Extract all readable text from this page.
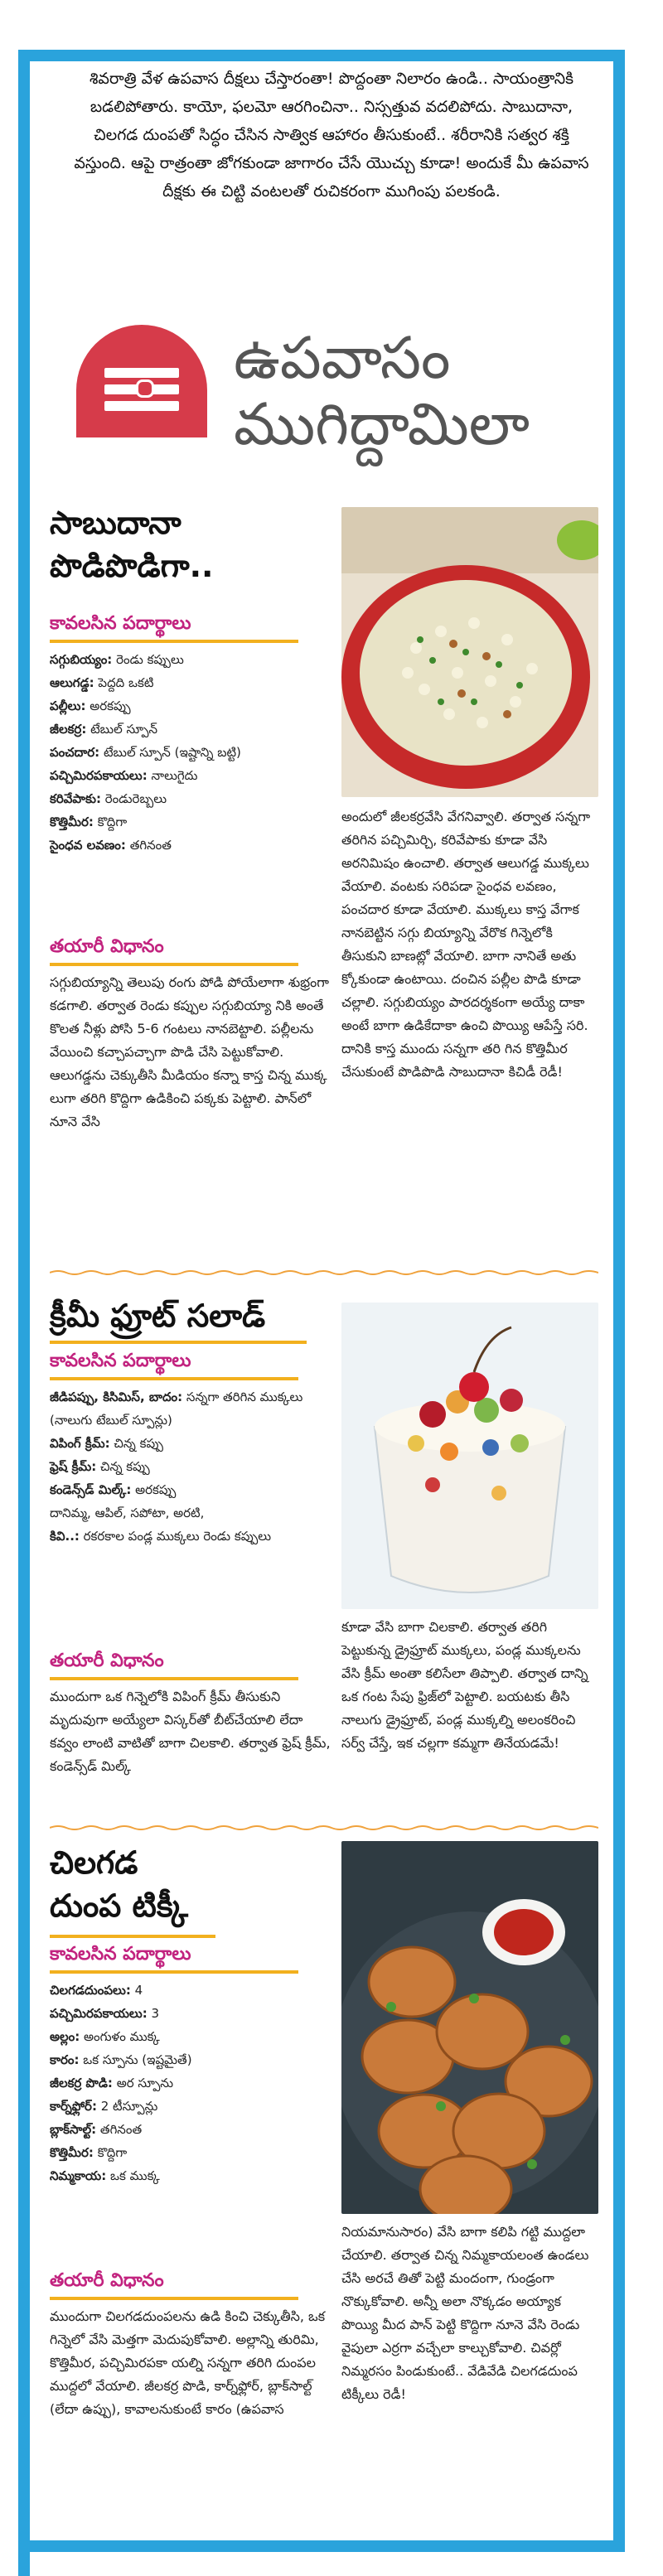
శివరాత్రి వేళ ఉపవాస దీక్షలు చేస్తారంతా! పొద్దంతా నిలారం ఉండి.. సాయంత్రానికి బడలిపోతారు. కాయో, ఫలమో ఆరగించినా.. నిస్సత్తువ వదలిపోదు. సాబుదానా, చిలగడ దుంపతో సిద్ధం చేసిన సాత్విక ఆహారం తీసుకుంటే.. శరీరానికి సత్వర శక్తి వస్తుంది. ఆపై రాత్రంతా జోగకుండా జాగారం చేసే యొచ్చు కూడా! అందుకే మీ ఉపవాస దీక్షకు ఈ చిట్టి వంటలతో రుచికరంగా ముగింపు పలకండి.
ఉపవాసం
ముగిద్దామిలా
సాబుదానా
పొడిపొడిగా..
కావలసిన పదార్థాలు
సగ్గుబియ్యం: రెండు కప్పులు
ఆలుగడ్డ: పెద్దది ఒకటి
పల్లీలు: అరకప్పు
జీలకర్ర: టేబుల్ స్పూన్
పంచదార: టేబుల్ స్పూన్ (ఇష్టాన్ని బట్టి)
పచ్చిమిరపకాయలు: నాలుగైదు
కరివేపాకు: రెండురెబ్బలు
కొత్తిమీర: కొద్దిగా
సైంధవ లవణం: తగినంత
తయారీ విధానం
సగ్గుబియ్యాన్ని తెలుపు రంగు పోడి పోయేలాగా శుభ్రంగా కడగాలి. తర్వాత రెండు కప్పుల సగ్గుబియ్యా నికి అంతే కొలత నీళ్లు పోసి 5-6 గంటలు నానబెట్టాలి. పల్లీలను వేయించి కచ్చాపచ్చాగా పొడి చేసి పెట్టుకోవాలి. ఆలుగడ్డను చెక్కుతీసి మీడియం కన్నా కాస్త చిన్న ముక్క లుగా తరిగి కొద్దిగా ఉడికించి పక్కకు పెట్టాలి. పాన్‌లో నూనె వేసి
అందులో జీలకర్రవేసి వేగనివ్వాలి. తర్వాత సన్నగా తరిగిన పచ్చిమిర్చి, కరివేపాకు కూడా వేసి అరనిమిషం ఉంచాలి. తర్వాత ఆలుగడ్డ ముక్కలు వేయాలి. వంటకు సరిపడా సైంధవ లవణం, పంచదార కూడా వేయాలి. ముక్కలు కాస్త వేగాక నానబెట్టిన సగ్గు బియ్యాన్ని వేరొక గిన్నెలోకి తీసుకుని బాణట్లో వేయాలి. బాగా నానితే అతు క్కోకుండా ఉంటాయి. దంచిన పల్లీల పొడి కూడా చల్లాలి. సగ్గుబియ్యం పారదర్శకంగా అయ్యే దాకా అంటే బాగా ఉడికేదాకా ఉంచి పొయ్యి ఆపేస్తే సరి. దానికి కాస్త ముందు సన్నగా తరి గిన కొత్తిమీర చేసుకుంటే పొడిపొడి సాబుదానా కిచిడీ రెడీ!
క్రీమీ ఫ్రూట్ సలాడ్
కావలసిన పదార్థాలు
జీడిపప్పు, కిసిమిస్, బాదం: సన్నగా తరిగిన ముక్కలు (నాలుగు టేబుల్ స్పూన్లు)
విపింగ్ క్రీమ్: చిన్న కప్పు
ఫ్రెష్ క్రీమ్: చిన్న కప్పు
కండెన్స్‌డ్ మిల్క్: అరకప్పు
దానిమ్మ, ఆపిల్, సపోటా, అరటి,
కివి..: రకరకాల పండ్ల ముక్కలు రెండు కప్పులు
తయారీ విధానం
ముందుగా ఒక గిన్నెలోకి విపింగ్ క్రీమ్ తీసుకుని మృదువుగా అయ్యేలా విస్కర్‌తో బీట్‌చేయాలి లేదా కవ్వం లాంటి వాటితో బాగా చిలకాలి. తర్వాత ఫ్రెష్ క్రీమ్, కండెన్స్‌డ్ మిల్క్
కూడా వేసి బాగా చిలకాలి. తర్వాత తరిగి పెట్టుకున్న డ్రైఫ్రూట్ ముక్కలు, పండ్ల ముక్కలను వేసి క్రీమ్ అంతా కలిసేలా తిప్పాలి. తర్వాత దాన్ని ఒక గంట సేపు ఫ్రిజ్‌లో పెట్టాలి. బయటకు తీసి నాలుగు డ్రైఫ్రూట్, పండ్ల ముక్కల్ని అలంకరించి సర్వ్ చేస్తే, ఇక చల్లగా కమ్మగా తినేయడమే!
చిలగడ
దుంప టిక్కీ
కావలసిన పదార్థాలు
చిలగడదుంపలు: 4
పచ్చిమిరపకాయలు: 3
అల్లం: అంగుళం ముక్క
కారం: ఒక స్పూను (ఇష్టమైతే)
జీలకర్ర పొడి: అర స్పూను
కార్న్‌ఫ్లోర్: 2 టీస్పూన్లు
బ్లాక్‌సాల్ట్: తగినంత
కొత్తిమీర: కొద్దిగా
నిమ్మకాయ: ఒక ముక్క
తయారీ విధానం
ముందుగా చిలగడదుంపలను ఉడి కించి చెక్కుతీసి, ఒక గిన్నెలో వేసి మెత్తగా మెదుపుకోవాలి. అల్లాన్ని తురిమి, కొత్తిమీర, పచ్చిమిరపకా యల్ని సన్నగా తరిగి దుంపల ముద్దలో వేయాలి. జీలకర్ర పొడి, కార్న్‌ఫ్లోర్, బ్లాక్‌సాల్ట్ (లేదా ఉప్పు), కావాలనుకుంటే కారం (ఉపవాస
నియమానుసారం) వేసి బాగా కలిపి గట్టి ముద్దలా చేయాలి. తర్వాత చిన్న నిమ్మకాయలంత ఉండలు చేసి అరచే తితో పెట్టి మందంగా, గుండ్రంగా నొక్కుకోవాలి. అన్నీ అలా నొక్కడం అయ్యాక పొయ్యి మీద పాన్ పెట్టి కొద్దిగా నూనె వేసి రెండు వైపులా ఎర్రగా వచ్చేలా కాల్చుకోవాలి. చివర్లో నిమ్మరసం పిండుకుంటే.. వేడివేడి చిలగడదుంప టిక్కీలు రెడీ!
